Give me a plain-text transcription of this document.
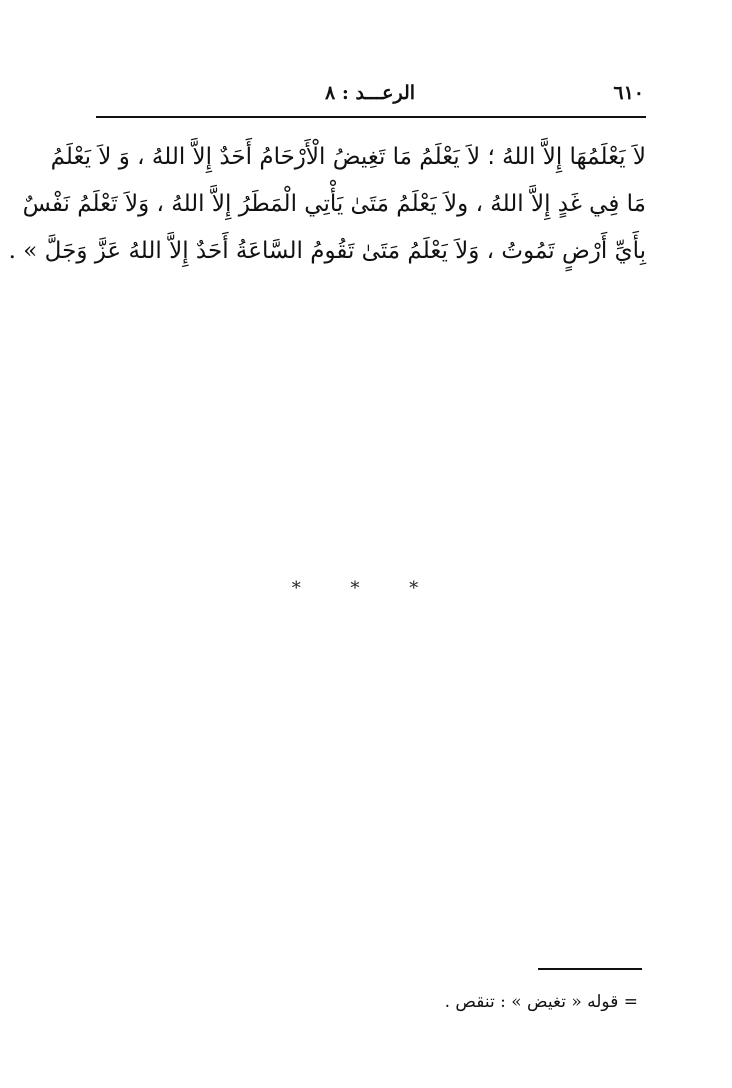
٦١٠
الرعـــد : ٨
لاَ يَعْلَمُهَا إِلاَّ اللهُ ؛ لاَ يَعْلَمُ مَا تَغِيضُ الْأَرْحَامُ أَحَدٌ إِلاَّ اللهُ ، وَ لاَ يَعْلَمُ
مَا فِي غَدٍ إِلاَّ اللهُ ، ولاَ يَعْلَمُ مَتَىٰ يَأْتِي الْمَطَرُ إِلاَّ اللهُ ، وَلاَ تَعْلَمُ نَفْسٌ
بِأَيِّ أَرْضٍ تَمُوتُ ، وَلاَ يَعْلَمُ مَتَىٰ تَقُومُ السَّاعَةُ أَحَدٌ إِلاَّ اللهُ عَزَّ وَجَلَّ » .
* * *
= قوله « تغيض » : تنقص .
